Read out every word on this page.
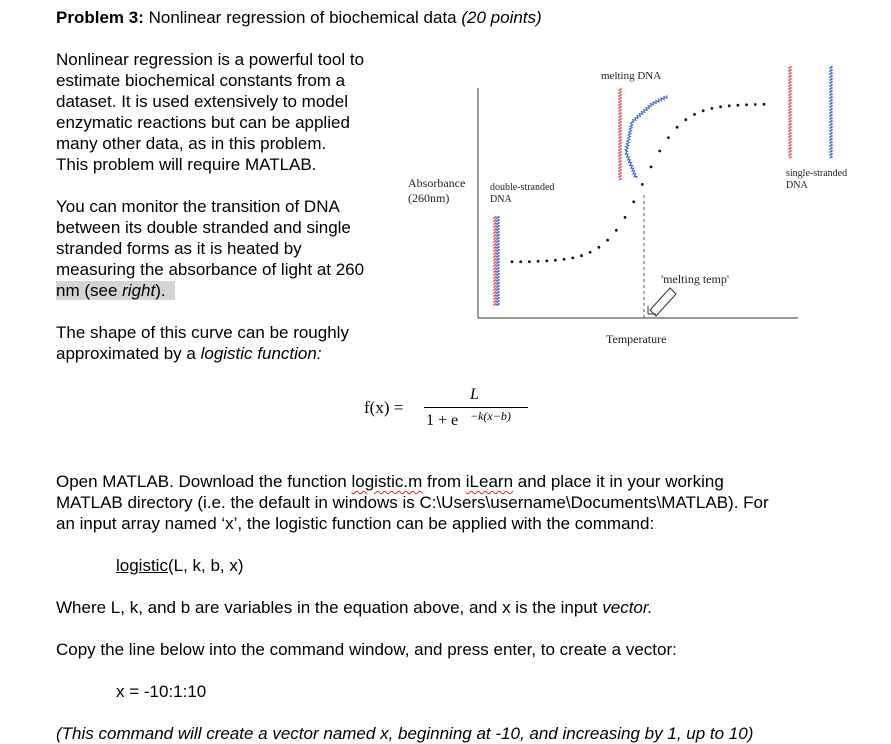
Problem 3: Nonlinear regression of biochemical data (20 points)

Nonlinear regression is a powerful tool to

estimate biochemical constants from a

dataset. It is used extensively to model

enzymatic reactions but can be applied

many other data, as in this problem.

This problem will require MATLAB.

You can monitor the transition of DNA

between its double stranded and single

stranded forms as it is heated by

measuring the absorbance of light at 260

nm (see right).

The shape of this curve can be roughly

approximated by a logistic function:

melting DNA
Absorbance
(260nm)
double-stranded
DNA
single-stranded
DNA
'melting temp'
Temperature
f(x) =
L
1 + e −k(x−b)

Open MATLAB. Download the function logistic.m from iLearn and place it in your working

MATLAB directory (i.e. the default in windows is C:\Users\username\Documents\MATLAB). For

an input array named ‘x’, the logistic function can be applied with the command:

logistic(L, k, b, x)

Where L, k, and b are variables in the equation above, and x is the input vector.

Copy the line below into the command window, and press enter, to create a vector:

x = -10:1:10

(This command will create a vector named x, beginning at -10, and increasing by 1, up to 10)
